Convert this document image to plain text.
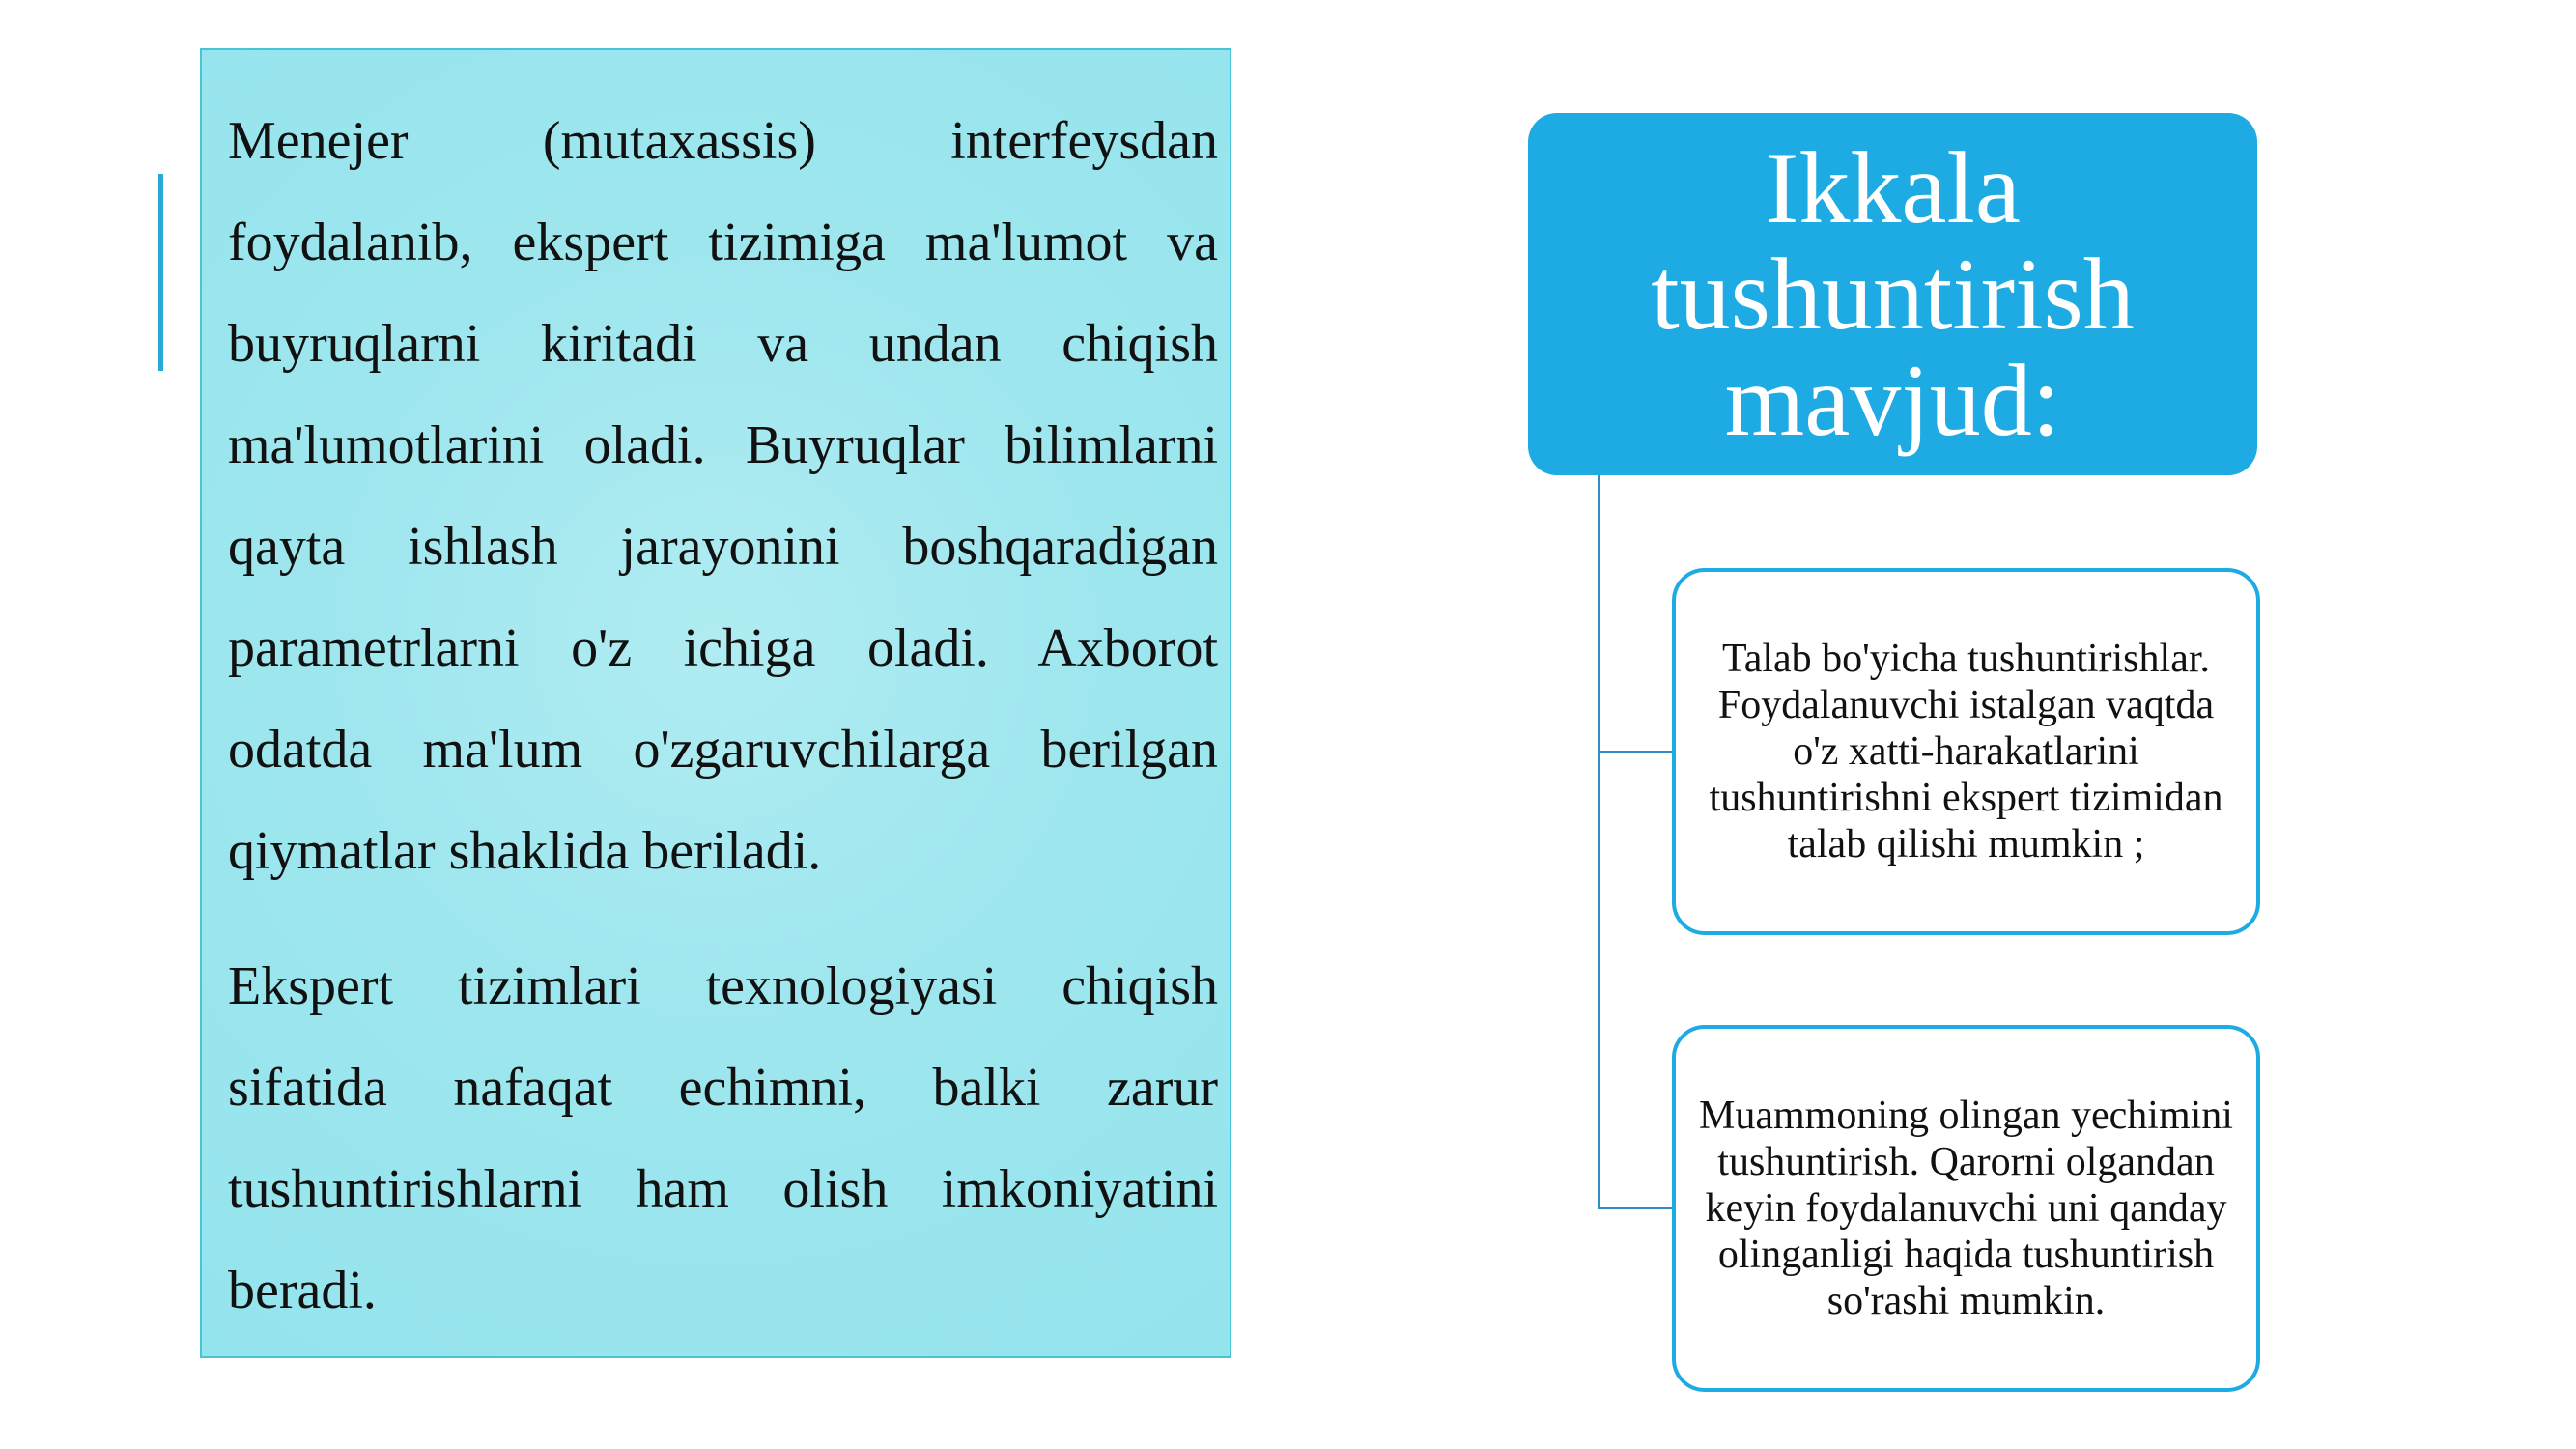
Menejer (mutaxassis) interfeysdan foydalanib, ekspert tizimiga ma'lumot va buyruqlarni kiritadi va undan chiqish ma'lumotlarini oladi. Buyruqlar bilimlarni qayta ishlash jarayonini boshqaradigan parametrlarni o'z ichiga oladi. Axborot odatda ma'lum o'zgaruvchilarga berilgan qiymatlar shaklida beriladi.

Ekspert tizimlari texnologiyasi chiqish sifatida nafaqat echimni, balki zarur tushuntirishlarni ham olish imkoniyatini beradi.

Ikkala tushuntirish mavjud:
Talab bo'yicha tushuntirishlar. Foydalanuvchi istalgan vaqtda o'z xatti-harakatlarini tushuntirishni ekspert tizimidan talab qilishi mumkin ;
Muammoning olingan yechimini tushuntirish. Qarorni olgandan keyin foydalanuvchi uni qanday olinganligi haqida tushuntirish so'rashi mumkin.
